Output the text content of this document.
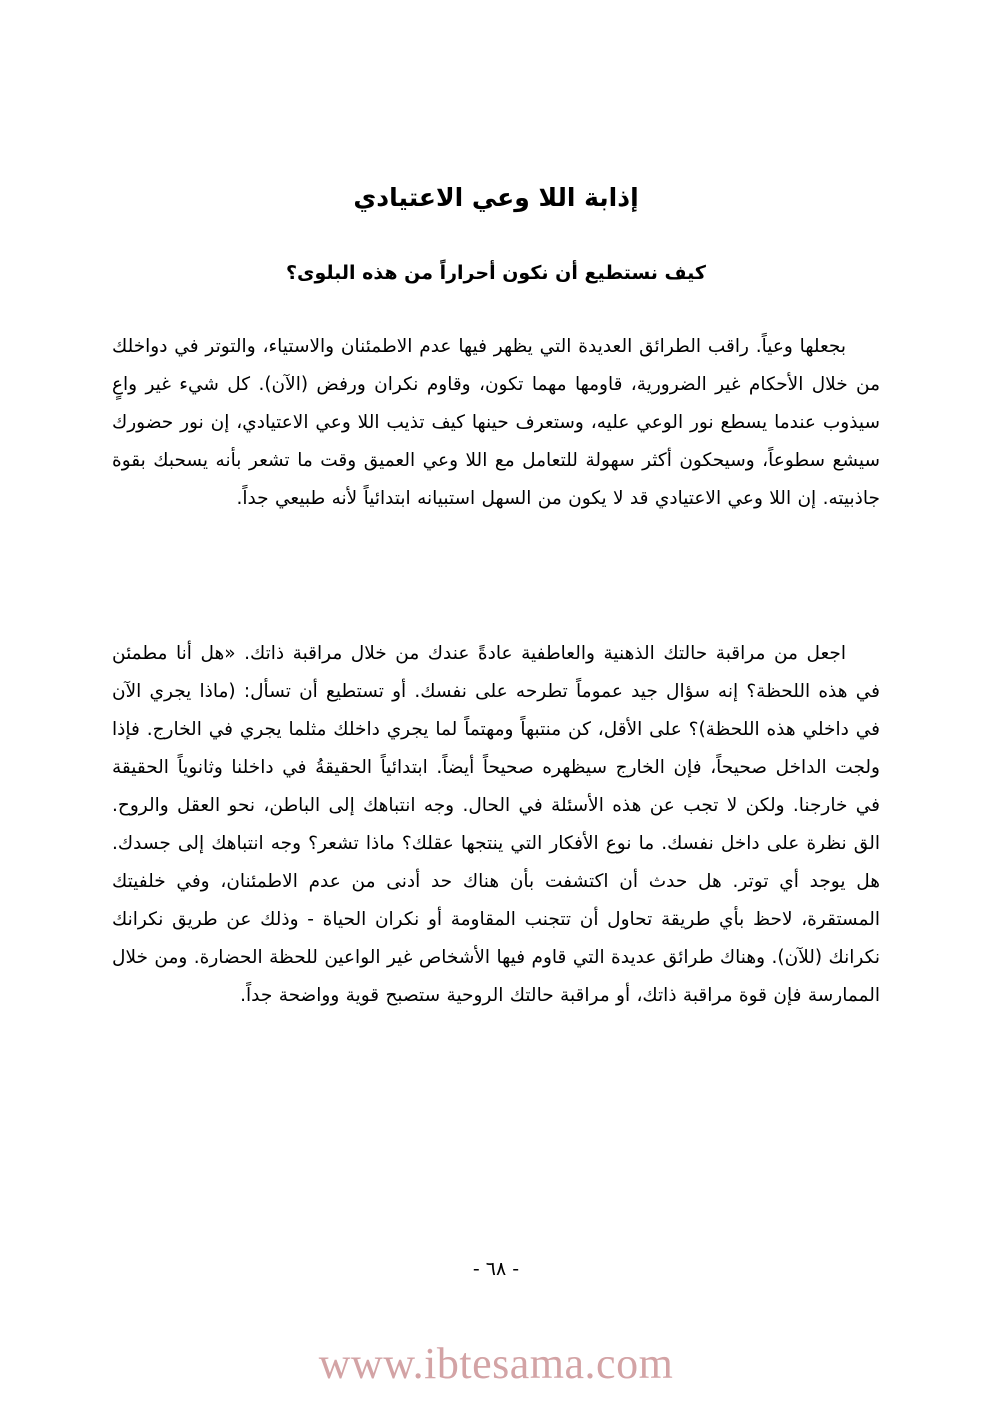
إذابة اللا وعي الاعتيادي
كيف نستطيع أن نكون أحراراً من هذه البلوى؟

بجعلها وعياً. راقب الطرائق العديدة التي يظهر فيها عدم الاطمئنان والاستياء، والتوتر في دواخلك من خلال الأحكام غير الضرورية، قاومها مهما تكون، وقاوم نكران ورفض (الآن). كل شيء غير واعٍ سيذوب عندما يسطع نور الوعي عليه، وستعرف حينها كيف تذيب اللا وعي الاعتيادي، إن نور حضورك سيشع سطوعاً، وسيحكون أكثر سهولة للتعامل مع اللا وعي العميق وقت ما تشعر بأنه يسحبك بقوة جاذبيته. إن اللا وعي الاعتيادي قد لا يكون من السهل استبيانه ابتدائياً لأنه طبيعي جداً.

اجعل من مراقبة حالتك الذهنية والعاطفية عادةً عندك من خلال مراقبة ذاتك. «هل أنا مطمئن في هذه اللحظة؟ إنه سؤال جيد عموماً تطرحه على نفسك. أو تستطيع أن تسأل: (ماذا يجري الآن في داخلي هذه اللحظة)؟ على الأقل، كن منتبهاً ومهتماً لما يجري داخلك مثلما يجري في الخارج. فإذا ولجت الداخل صحيحاً، فإن الخارج سيظهره صحيحاً أيضاً. ابتدائياً الحقيقةُ في داخلنا وثانوياً الحقيقة في خارجنا. ولكن لا تجب عن هذه الأسئلة في الحال. وجه انتباهك إلى الباطن، نحو العقل والروح. الق نظرة على داخل نفسك. ما نوع الأفكار التي ينتجها عقلك؟ ماذا تشعر؟ وجه انتباهك إلى جسدك. هل يوجد أي توتر. هل حدث أن اكتشفت بأن هناك حد أدنى من عدم الاطمئنان، وفي خلفيتك المستقرة، لاحظ بأي طريقة تحاول أن تتجنب المقاومة أو نكران الحياة - وذلك عن طريق نكرانك نكرانك (للآن). وهناك طرائق عديدة التي قاوم فيها الأشخاص غير الواعين للحظة الحضارة. ومن خلال الممارسة فإن قوة مراقبة ذاتك، أو مراقبة حالتك الروحية ستصبح قوية وواضحة جداً.

- ٦٨ -
www.ibtesama.com
